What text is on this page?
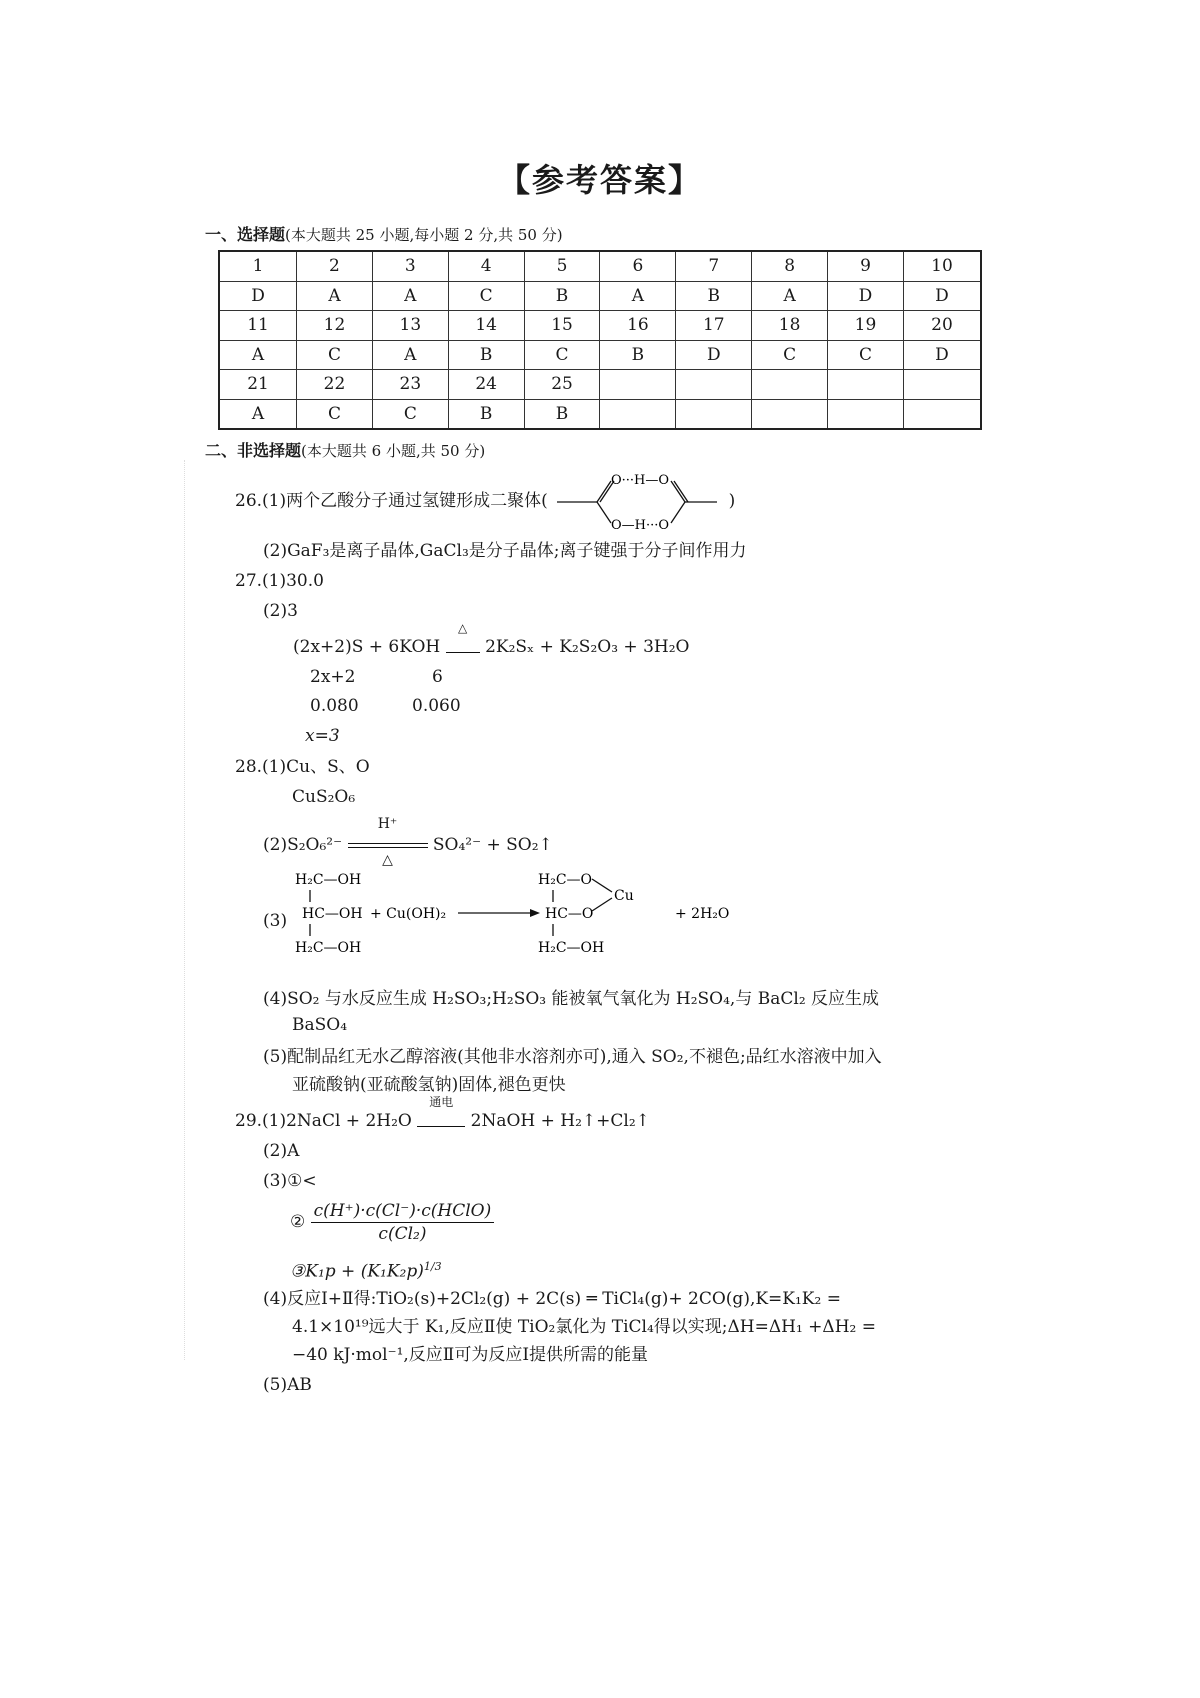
【参考答案】
一、选择题(本大题共 25 小题,每小题 2 分,共 50 分)
1	2	3	4	5	6	7	8	9	10
D	A	A	C	B	A	B	A	D	D
11	12	13	14	15	16	17	18	19	20
A	C	A	B	C	B	D	C	C	D
21	22	23	24	25					
A	C	C	B	B					
二、非选择题(本大题共 6 小题,共 50 分)
26.(1)两个乙酸分子通过氢键形成二聚体(
O···H—O
O—H···O
)
(2)GaF₃是离子晶体,GaCl₃是分子晶体;离子键强于分子间作用力
27.(1)30.0
(2)3
(2x+2)S + 6KOH
△
2K₂Sₓ + K₂S₂O₃ + 3H₂O
2x+2	6
0.080	0.060
x=3
28.(1)Cu、S、O
CuS₂O₆
(2)S₂O₆²⁻
H⁺
△
SO₄²⁻ + SO₂↑
(3)
H₂C—OH
HC—OH
H₂C—OH
+ Cu(OH)₂
H₂C—O
HC—O
H₂C—OH
Cu
+ 2H₂O
(4)SO₂ 与水反应生成 H₂SO₃;H₂SO₃ 能被氧气氧化为 H₂SO₄,与 BaCl₂ 反应生成
BaSO₄
(5)配制品红无水乙醇溶液(其他非水溶剂亦可),通入 SO₂,不褪色;品红水溶液中加入
亚硫酸钠(亚硫酸氢钠)固体,褪色更快
29.(1)2NaCl + 2H₂O
通电
2NaOH + H₂↑+Cl₂↑
(2)A
(3)①<
② $\frac{\text{c(H⁺)·c(Cl⁻)·c(HClO)}}{\text{c(Cl₂)}}$
③K₁p + $(K_1K_2p)^{1/3}$
(4)反应Ⅰ+Ⅱ得:TiO₂(s)+2Cl₂(g) + 2C(s) ═ TiCl₄(g)+ 2CO(g),K=K₁K₂ =
4.1×10¹⁹远大于 K₁,反应Ⅱ使 TiO₂氯化为 TiCl₄得以实现;ΔH=ΔH₁ +ΔH₂ =
−40 kJ·mol⁻¹,反应Ⅱ可为反应Ⅰ提供所需的能量
(5)AB
